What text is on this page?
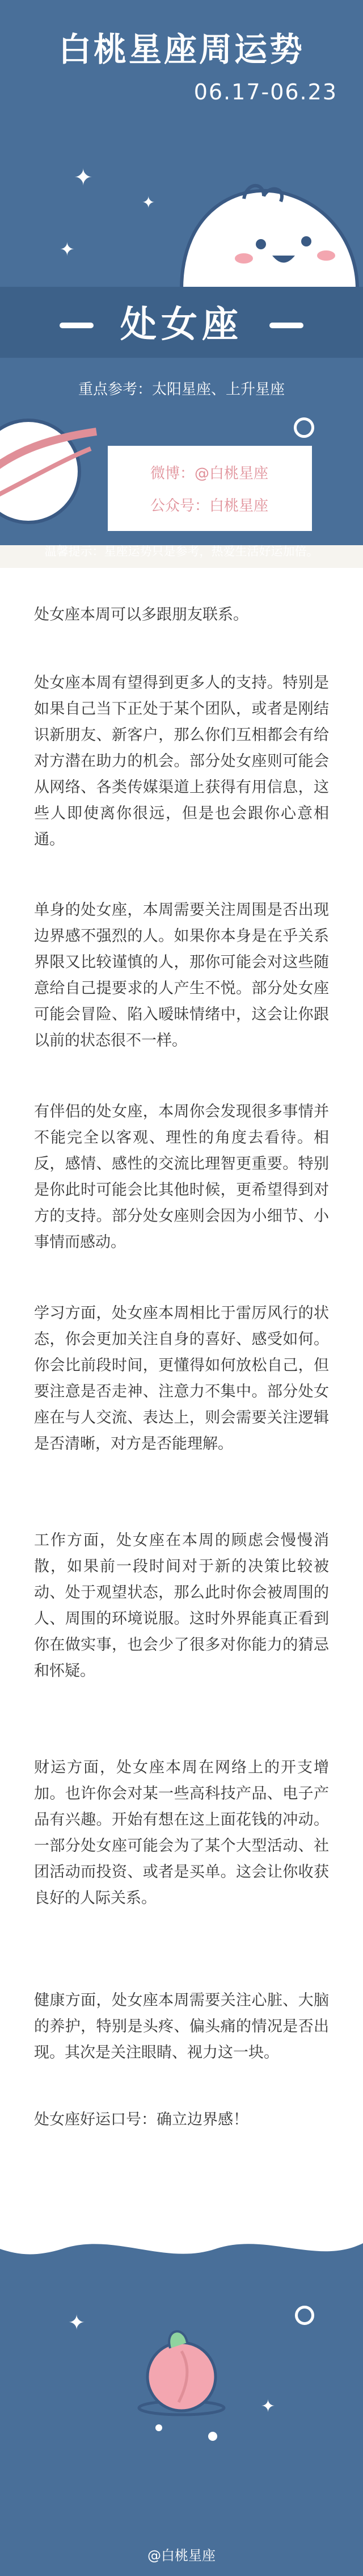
白桃星座周运势
06.17-06.23
✦
✦
✦
处女座
重点参考：太阳星座、上升星座
微博：@白桃星座
公众号：白桃星座
温馨提示：星座运势只是参考，热爱生活好运加倍。
处女座本周可以多跟朋友联系。
处女座本周有望得到更多人的支持。特别是如果自己当下正处于某个团队，或者是刚结识新朋友、新客户，那么你们互相都会有给对方潜在助力的机会。部分处女座则可能会从网络、各类传媒渠道上获得有用信息，这些人即使离你很远，但是也会跟你心意相通。
单身的处女座，本周需要关注周围是否出现边界感不强烈的人。如果你本身是在乎关系界限又比较谨慎的人，那你可能会对这些随意给自己提要求的人产生不悦。部分处女座可能会冒险、陷入暧昧情绪中，这会让你跟以前的状态很不一样。
有伴侣的处女座，本周你会发现很多事情并不能完全以客观、理性的角度去看待。相反，感情、感性的交流比理智更重要。特别是你此时可能会比其他时候，更希望得到对方的支持。部分处女座则会因为小细节、小事情而感动。
学习方面，处女座本周相比于雷厉风行的状态，你会更加关注自身的喜好、感受如何。你会比前段时间，更懂得如何放松自己，但要注意是否走神、注意力不集中。部分处女座在与人交流、表达上，则会需要关注逻辑是否清晰，对方是否能理解。
工作方面，处女座在本周的顾虑会慢慢消散，如果前一段时间对于新的决策比较被动、处于观望状态，那么此时你会被周围的人、周围的环境说服。这时外界能真正看到你在做实事，也会少了很多对你能力的猜忌和怀疑。
财运方面，处女座本周在网络上的开支增加。也许你会对某一些高科技产品、电子产品有兴趣。开始有想在这上面花钱的冲动。一部分处女座可能会为了某个大型活动、社团活动而投资、或者是买单。这会让你收获良好的人际关系。
健康方面，处女座本周需要关注心脏、大脑的养护，特别是头疼、偏头痛的情况是否出现。其次是关注眼睛、视力这一块。
处女座好运口号：确立边界感！
✦
✦
@白桃星座
